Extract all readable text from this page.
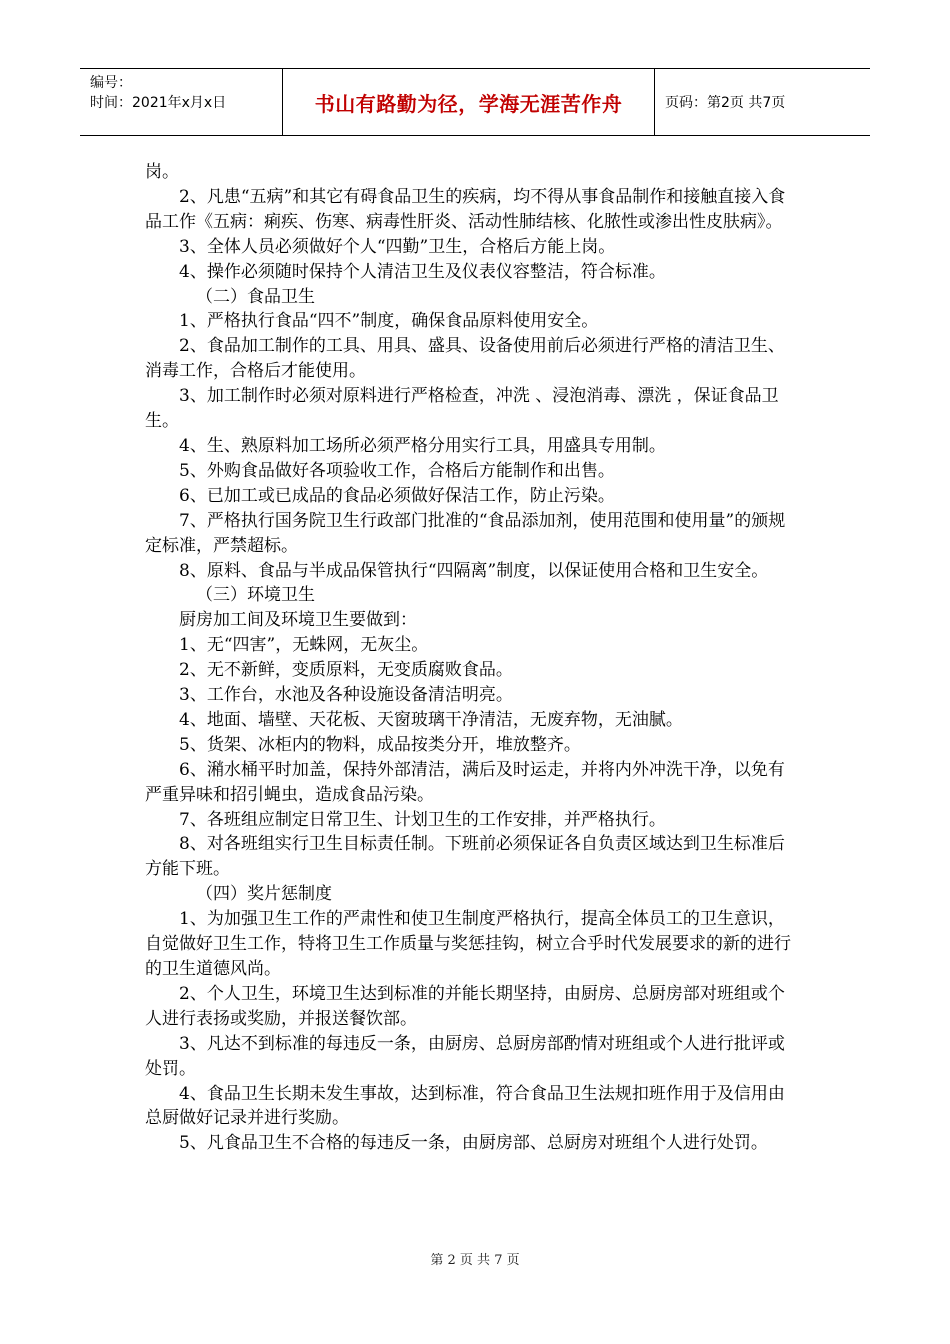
编号：
时间：2021年x月x日	书山有路勤为径，学海无涯苦作舟	页码：第2页 共7页

岗。

2、凡患“五病”和其它有碍食品卫生的疾病，均不得从事食品制作和接触直接入食品工作《五病：痢疾、伤寒、病毒性肝炎、活动性肺结核、化脓性或渗出性皮肤病》。

3、全体人员必须做好个人“四勤”卫生，合格后方能上岗。

4、操作必须随时保持个人清洁卫生及仪表仪容整洁，符合标准。

（二）食品卫生

1、严格执行食品“四不”制度，确保食品原料使用安全。

2、食品加工制作的工具、用具、盛具、设备使用前后必须进行严格的清洁卫生、消毒工作，合格后才能使用。

3、加工制作时必须对原料进行严格检查，冲洗 、浸泡消毒、漂洗 ，保证食品卫生。

4、生、熟原料加工场所必须严格分用实行工具，用盛具专用制。

5、外购食品做好各项验收工作，合格后方能制作和出售。

6、已加工或已成品的食品必须做好保洁工作，防止污染。

7、严格执行国务院卫生行政部门批准的“食品添加剂，使用范围和使用量”的颁规定标准，严禁超标。

8、原料、食品与半成品保管执行“四隔离”制度，以保证使用合格和卫生安全。

（三）环境卫生

厨房加工间及环境卫生要做到：

1、无“四害”，无蛛网，无灰尘。

2、无不新鲜，变质原料，无变质腐败食品。

3、工作台，水池及各种设施设备清洁明亮。

4、地面、墙壁、天花板、天窗玻璃干净清洁，无废弃物，无油腻。

5、货架、冰柜内的物料，成品按类分开，堆放整齐。

6、潲水桶平时加盖，保持外部清洁，满后及时运走，并将内外冲洗干净，以免有严重异味和招引蝇虫，造成食品污染。

7、各班组应制定日常卫生、计划卫生的工作安排，并严格执行。

8、对各班组实行卫生目标责任制。下班前必须保证各自负责区域达到卫生标准后方能下班。

（四）奖片惩制度

1、为加强卫生工作的严肃性和使卫生制度严格执行，提高全体员工的卫生意识，自觉做好卫生工作，特将卫生工作质量与奖惩挂钩，树立合乎时代发展要求的新的进行的卫生道德风尚。

2、个人卫生，环境卫生达到标准的并能长期坚持，由厨房、总厨房部对班组或个人进行表扬或奖励，并报送餐饮部。

3、凡达不到标准的每违反一条，由厨房、总厨房部酌情对班组或个人进行批评或处罚。

4、食品卫生长期未发生事故，达到标准，符合食品卫生法规扣班作用于及信用由总厨做好记录并进行奖励。

5、凡食品卫生不合格的每违反一条，由厨房部、总厨房对班组个人进行处罚。

第 2 页 共 7 页
